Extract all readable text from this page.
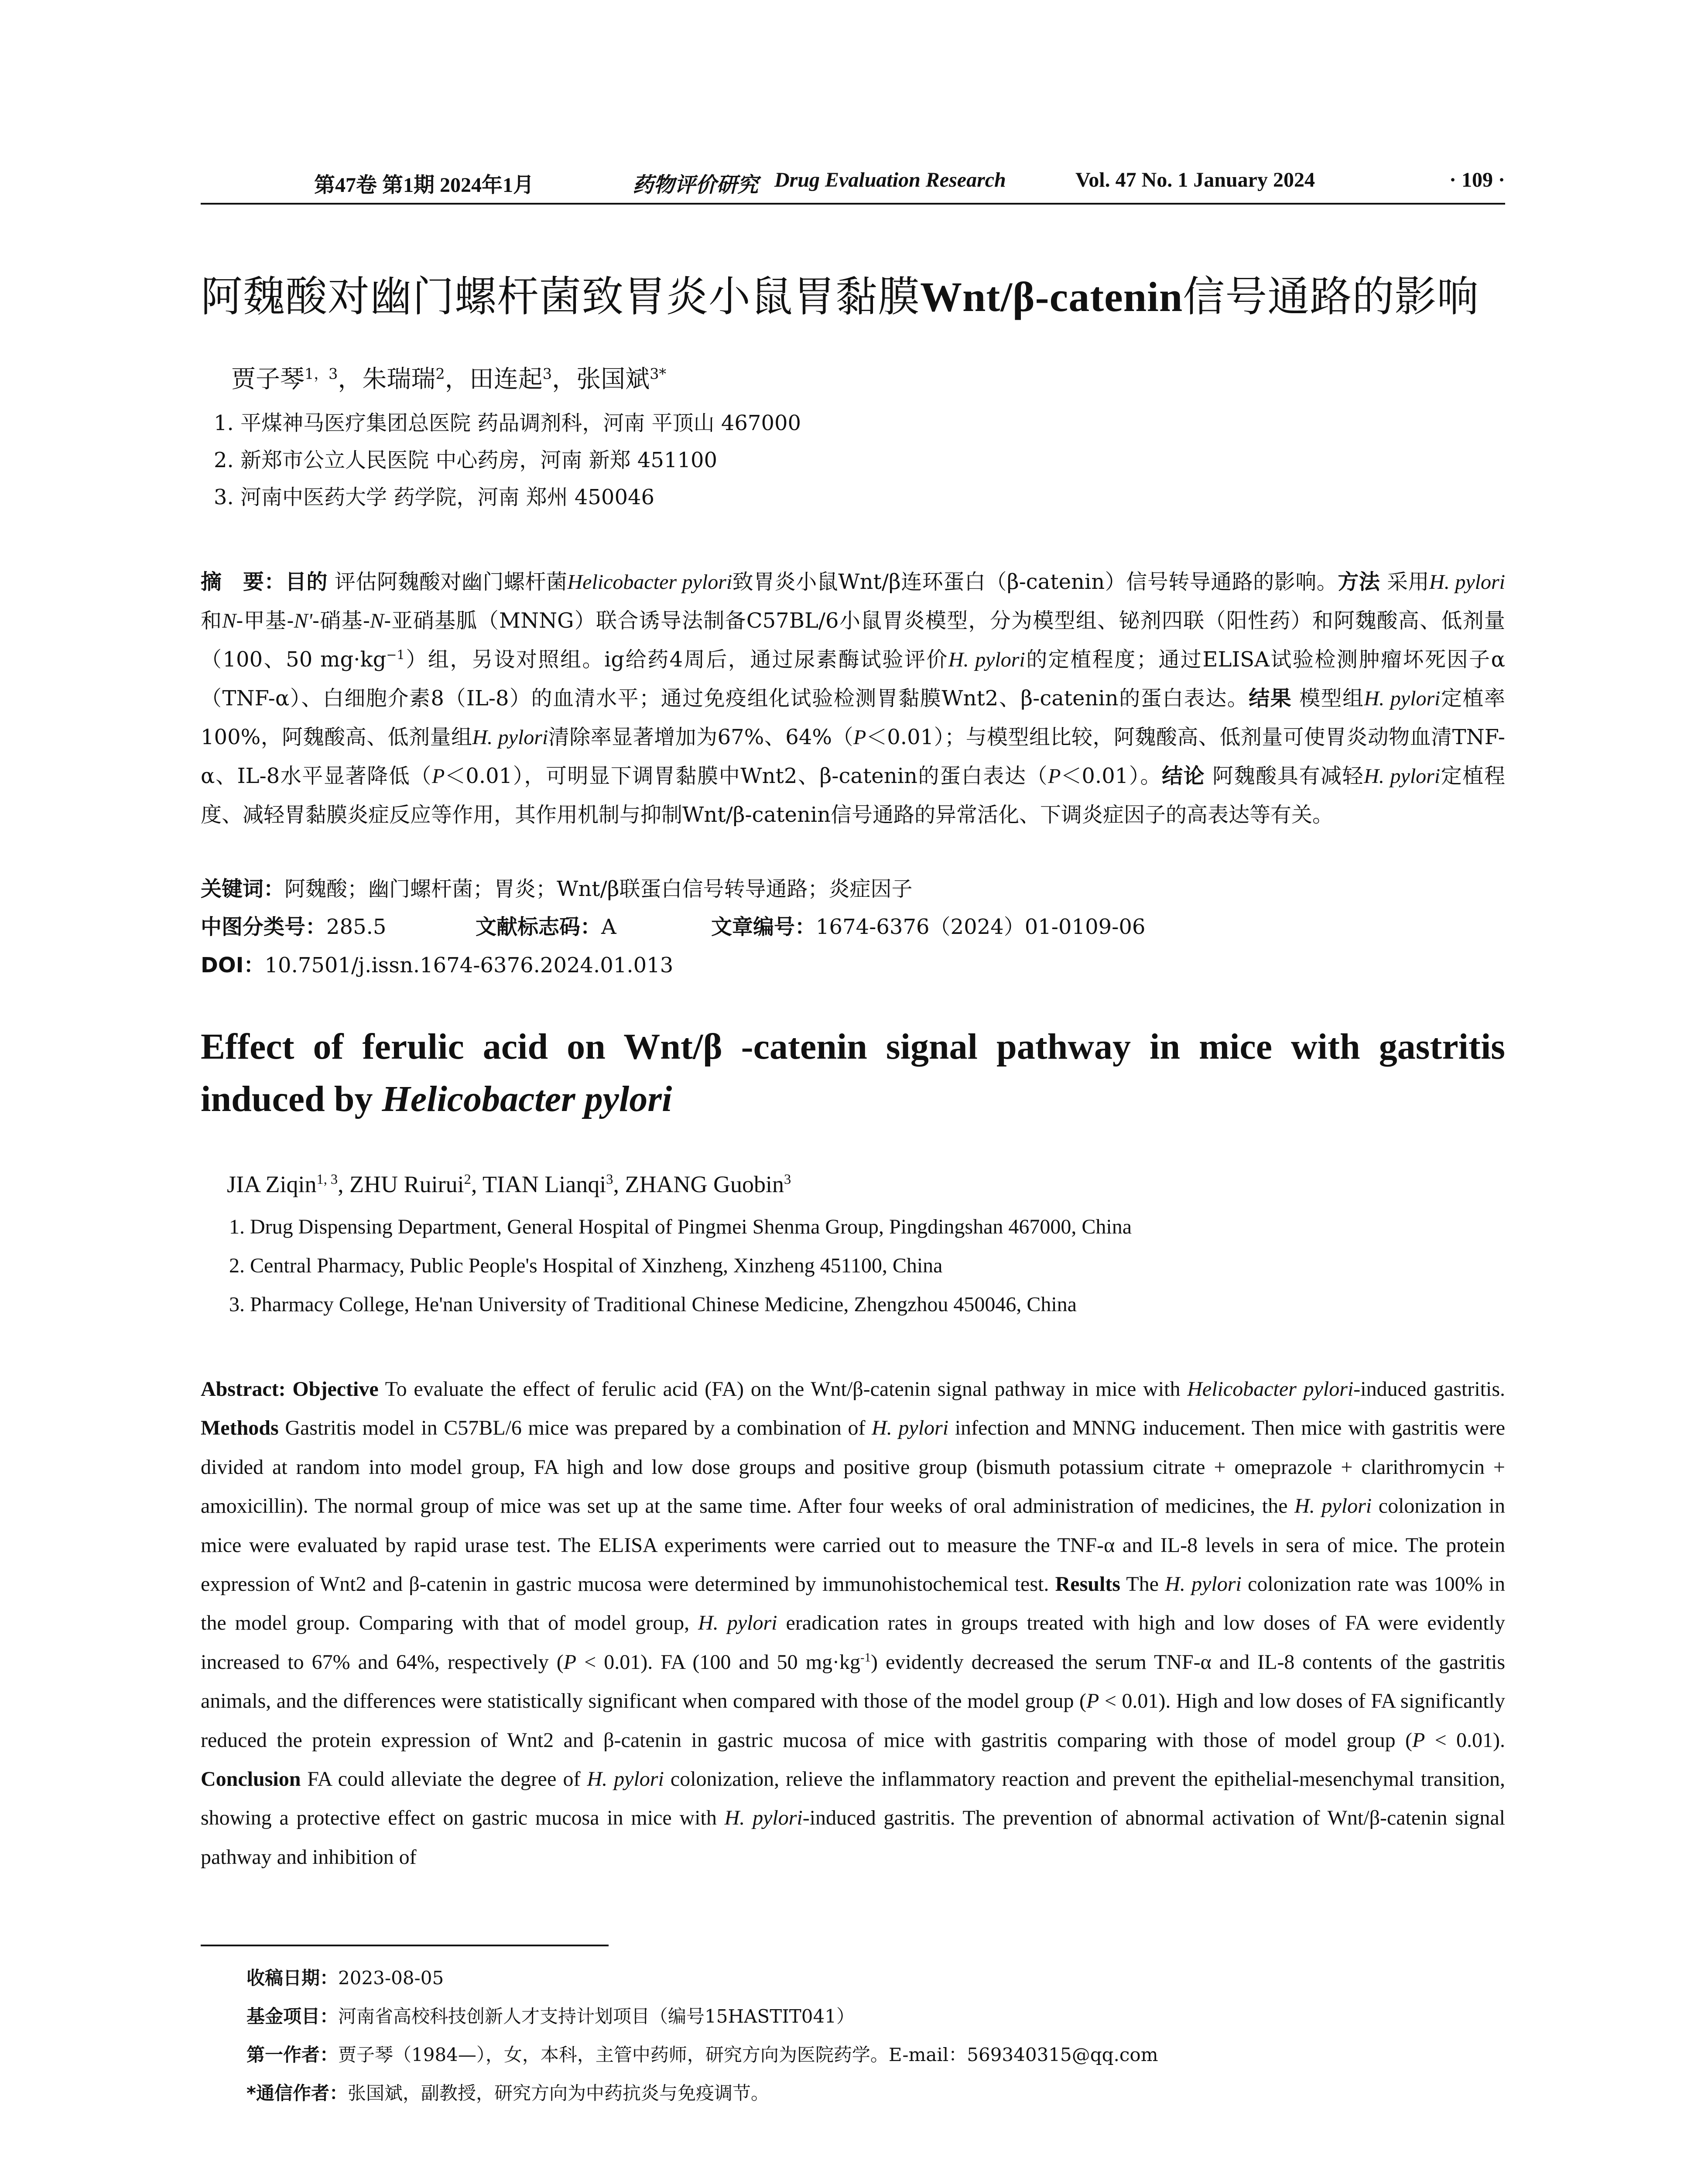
第47卷 第1期 2024年1月	药物评价研究 Drug Evaluation Research	Vol. 47 No. 1 January 2024	· 109 ·
阿魏酸对幽门螺杆菌致胃炎小鼠胃黏膜Wnt/β-catenin信号通路的影响
贾子琴$^{1,3}$，朱瑞瑞$^2$，田连起$^3$，张国斌$^{3*}$
1. 平煤神马医疗集团总医院 药品调剂科，河南 平顶山 467000
2. 新郑市公立人民医院 中心药房，河南 新郑 451100
3. 河南中医药大学 药学院，河南 郑州 450046
摘　要：目的 评估阿魏酸对幽门螺杆菌Helicobacter pylori致胃炎小鼠Wnt/β连环蛋白（β-catenin）信号转导通路的影响。方法 采用H. pylori和N-甲基-N'-硝基-N-亚硝基胍（MNNG）联合诱导法制备C57BL/6小鼠胃炎模型，分为模型组、铋剂四联（阳性药）和阿魏酸高、低剂量（100、50 $mg\cdot kg^{-1}$）组，另设对照组。ig给药4周后，通过尿素酶试验评价H. pylori的定植程度；通过ELISA试验检测肿瘤坏死因子α（TNF-α）、白细胞介素8（IL-8）的血清水平；通过免疫组化试验检测胃黏膜Wnt2、β-catenin的蛋白表达。结果 模型组H. pylori定植率100%，阿魏酸高、低剂量组H. pylori清除率显著增加为67%、64%（P＜0.01）；与模型组比较，阿魏酸高、低剂量可使胃炎动物血清TNF-α、IL-8水平显著降低（P＜0.01），可明显下调胃黏膜中Wnt2、β-catenin的蛋白表达（P＜0.01）。结论 阿魏酸具有减轻H. pylori定植程度、减轻胃黏膜炎症反应等作用，其作用机制与抑制Wnt/β-catenin信号通路的异常活化、下调炎症因子的高表达等有关。
关键词：阿魏酸；幽门螺杆菌；胃炎；Wnt/β联蛋白信号转导通路；炎症因子
中图分类号：285.5	文献标志码：A	文章编号：1674-6376（2024）01-0109-06
DOI：10.7501/j.issn.1674-6376.2024.01.013
Effect of ferulic acid on Wnt/β -catenin signal pathway in mice with gastritis induced by Helicobacter pylori
JIA Ziqin$^{1, 3}$, ZHU Ruirui$^2$, TIAN Lianqi$^3$, ZHANG Guobin$^3$
1. Drug Dispensing Department, General Hospital of Pingmei Shenma Group, Pingdingshan 467000, China
2. Central Pharmacy, Public People's Hospital of Xinzheng, Xinzheng 451100, China
3. Pharmacy College, He'nan University of Traditional Chinese Medicine, Zhengzhou 450046, China
Abstract: Objective To evaluate the effect of ferulic acid (FA) on the Wnt/β-catenin signal pathway in mice with Helicobacter pylori-induced gastritis. Methods Gastritis model in C57BL/6 mice was prepared by a combination of H. pylori infection and MNNG inducement. Then mice with gastritis were divided at random into model group, FA high and low dose groups and positive group (bismuth potassium citrate + omeprazole + clarithromycin + amoxicillin). The normal group of mice was set up at the same time. After four weeks of oral administration of medicines, the H. pylori colonization in mice were evaluated by rapid urase test. The ELISA experiments were carried out to measure the TNF-α and IL-8 levels in sera of mice. The protein expression of Wnt2 and β-catenin in gastric mucosa were determined by immunohistochemical test. Results The H. pylori colonization rate was 100% in the model group. Comparing with that of model group, H. pylori eradication rates in groups treated with high and low doses of FA were evidently increased to 67% and 64%, respectively (P < 0.01). FA (100 and 50 $mg\cdot kg^{-1}$) evidently decreased the serum TNF-α and IL-8 contents of the gastritis animals, and the differences were statistically significant when compared with those of the model group (P < 0.01). High and low doses of FA significantly reduced the protein expression of Wnt2 and β-catenin in gastric mucosa of mice with gastritis comparing with those of model group (P < 0.01). Conclusion FA could alleviate the degree of H. pylori colonization, relieve the inflammatory reaction and prevent the epithelial-mesenchymal transition, showing a protective effect on gastric mucosa in mice with H. pylori-induced gastritis. The prevention of abnormal activation of Wnt/β-catenin signal pathway and inhibition of
收稿日期：2023-08-05
基金项目：河南省高校科技创新人才支持计划项目（编号15HASTIT041）
第一作者：贾子琴（1984—），女，本科，主管中药师，研究方向为医院药学。E-mail：569340315@qq.com
*通信作者：张国斌，副教授，研究方向为中药抗炎与免疫调节。
